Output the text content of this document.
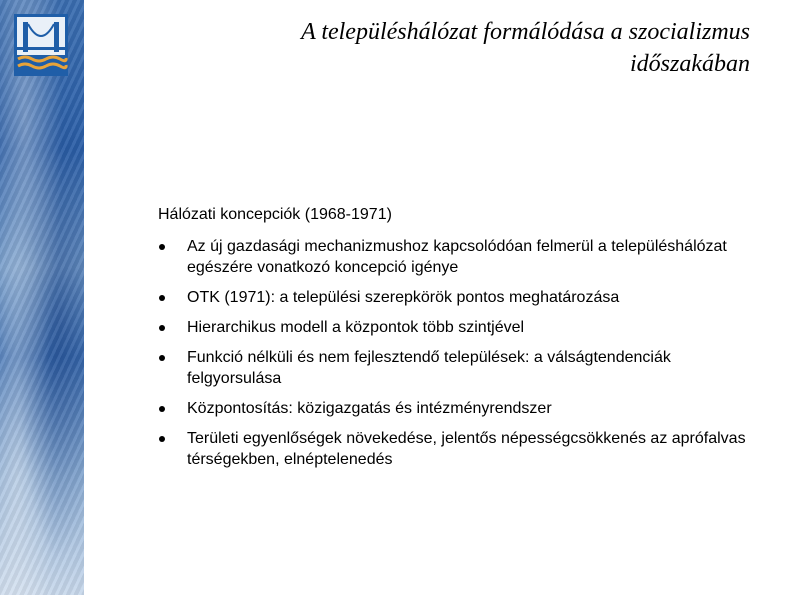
A településhálózat formálódása a szocializmus
időszakában
Hálózati koncepciók (1968-1971)
Az új gazdasági mechanizmushoz kapcsolódóan felmerül a településhálózat egészére vonatkozó koncepció igénye
OTK (1971): a települési szerepkörök pontos meghatározása
Hierarchikus modell a központok több szintjével
Funkció nélküli és nem fejlesztendő települések: a válságtendenciák felgyorsulása
Központosítás: közigazgatás és intézményrendszer
Területi egyenlőségek növekedése, jelentős népességcsökkenés az aprófalvas térségekben, elnéptelenedés
